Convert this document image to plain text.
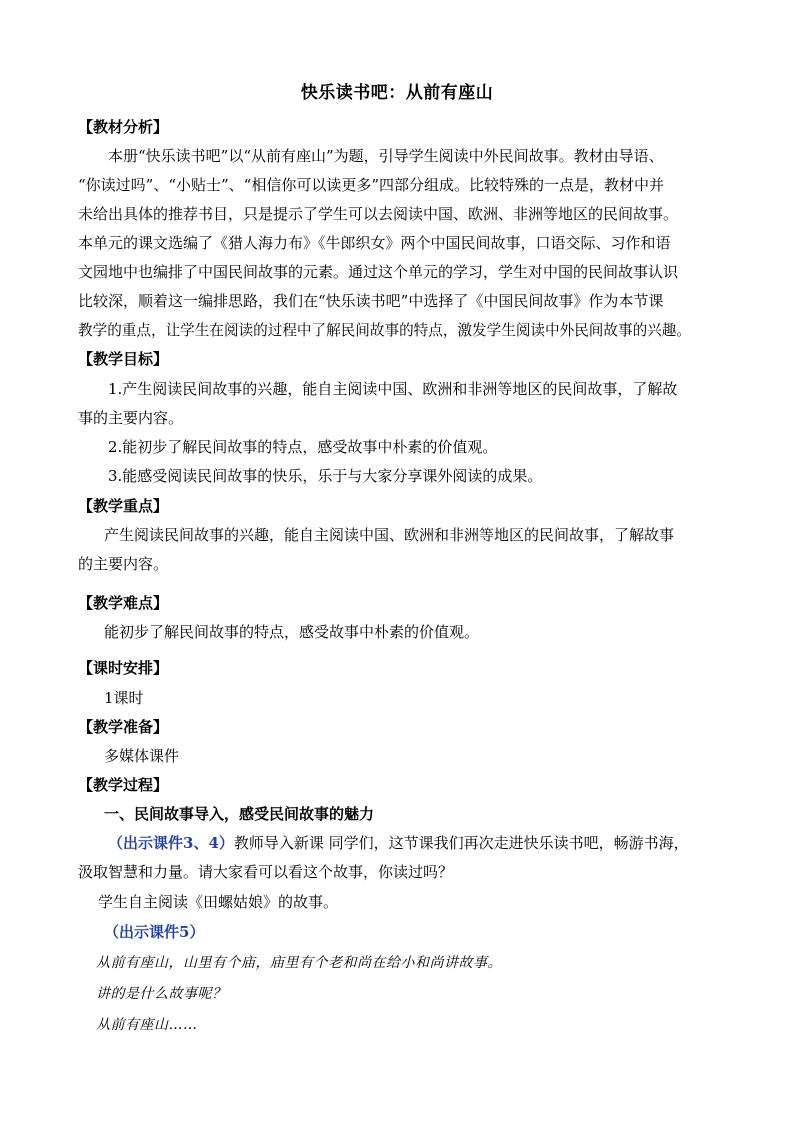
快乐读书吧：从前有座山
【教材分析】
本册“快乐读书吧”以“从前有座山”为题，引导学生阅读中外民间故事。教材由导语、
“你读过吗”、“小贴士”、“相信你可以读更多”四部分组成。比较特殊的一点是，教材中并
未给出具体的推荐书目，只是提示了学生可以去阅读中国、欧洲、非洲等地区的民间故事。
本单元的课文选编了《猎人海力布》《牛郎织女》两个中国民间故事，口语交际、习作和语
文园地中也编排了中国民间故事的元素。通过这个单元的学习，学生对中国的民间故事认识
比较深，顺着这一编排思路，我们在“快乐读书吧”中选择了《中国民间故事》作为本节课
教学的重点，让学生在阅读的过程中了解民间故事的特点，激发学生阅读中外民间故事的兴趣。
【教学目标】
1.产生阅读民间故事的兴趣，能自主阅读中国、欧洲和非洲等地区的民间故事，了解故
事的主要内容。
2.能初步了解民间故事的特点，感受故事中朴素的价值观。
3.能感受阅读民间故事的快乐，乐于与大家分享课外阅读的成果。
【教学重点】
产生阅读民间故事的兴趣，能自主阅读中国、欧洲和非洲等地区的民间故事，了解故事
的主要内容。
【教学难点】
能初步了解民间故事的特点，感受故事中朴素的价值观。
【课时安排】
1课时
【教学准备】
多媒体课件
【教学过程】
一、民间故事导入，感受民间故事的魅力
（出示课件3、4）教师导入新课 同学们，这节课我们再次走进快乐读书吧，畅游书海，
汲取智慧和力量。请大家看可以看这个故事，你读过吗？
学生自主阅读《田螺姑娘》的故事。
（出示课件5）
从前有座山，山里有个庙，庙里有个老和尚在给小和尚讲故事。
讲的是什么故事呢？
从前有座山……
